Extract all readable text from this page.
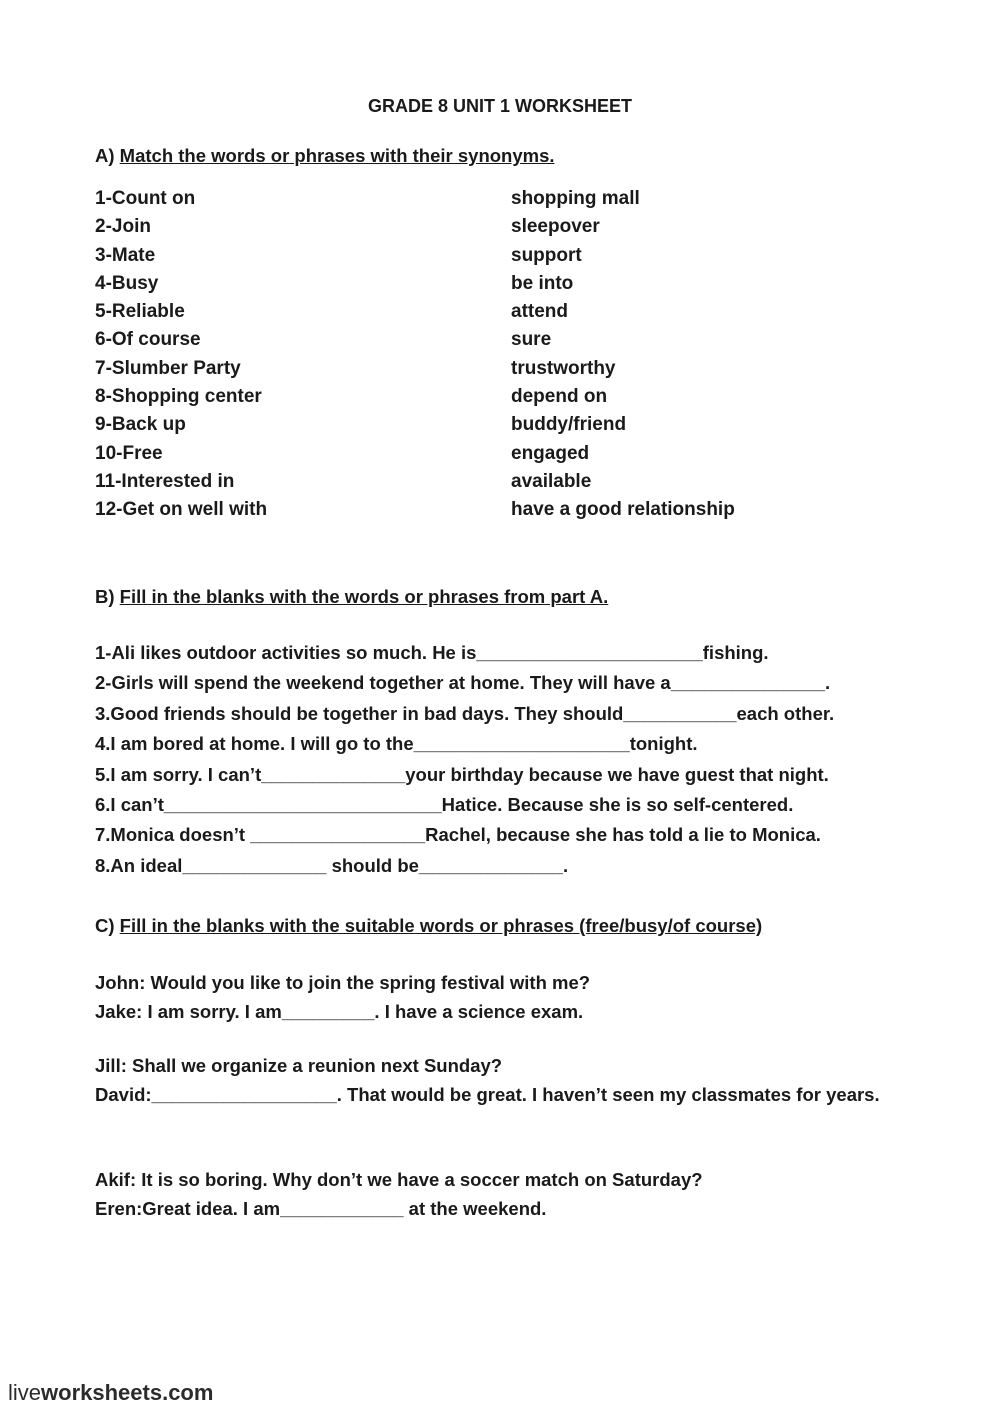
GRADE 8 UNIT 1 WORKSHEET
A) Match the words or phrases with their synonyms.
1-Count on	shopping mall
2-Join	sleepover
3-Mate	support
4-Busy	be into
5-Reliable	attend
6-Of course	sure
7-Slumber Party	trustworthy
8-Shopping center	depend on
9-Back up	buddy/friend
10-Free	engaged
11-Interested in	available
12-Get on well with	have a good relationship
B) Fill in the blanks with the words or phrases from part A.
1-Ali likes outdoor activities so much. He is______________________fishing.
2-Girls will spend the weekend together at home. They will have a_______________.
3.Good friends should be together in bad days. They should___________each other.
4.I am bored at home. I will go to the_____________________tonight.
5.I am sorry. I can’t______________your birthday because we have guest that night.
6.I can’t___________________________Hatice. Because she is so self-centered.
7.Monica doesn’t _________________Rachel, because she has told a lie to Monica.
8.An ideal______________ should be______________.
C) Fill in the blanks with the suitable words or phrases (free/busy/of course)
John: Would you like to join the spring festival with me?
Jake: I am sorry. I am_________. I have a science exam.
Jill: Shall we organize a reunion next Sunday?
David:__________________. That would be great. I haven’t seen my classmates for years.
Akif: It is so boring. Why don’t we have a soccer match on Saturday?
Eren:Great idea. I am____________ at the weekend.
liveworksheets.com
